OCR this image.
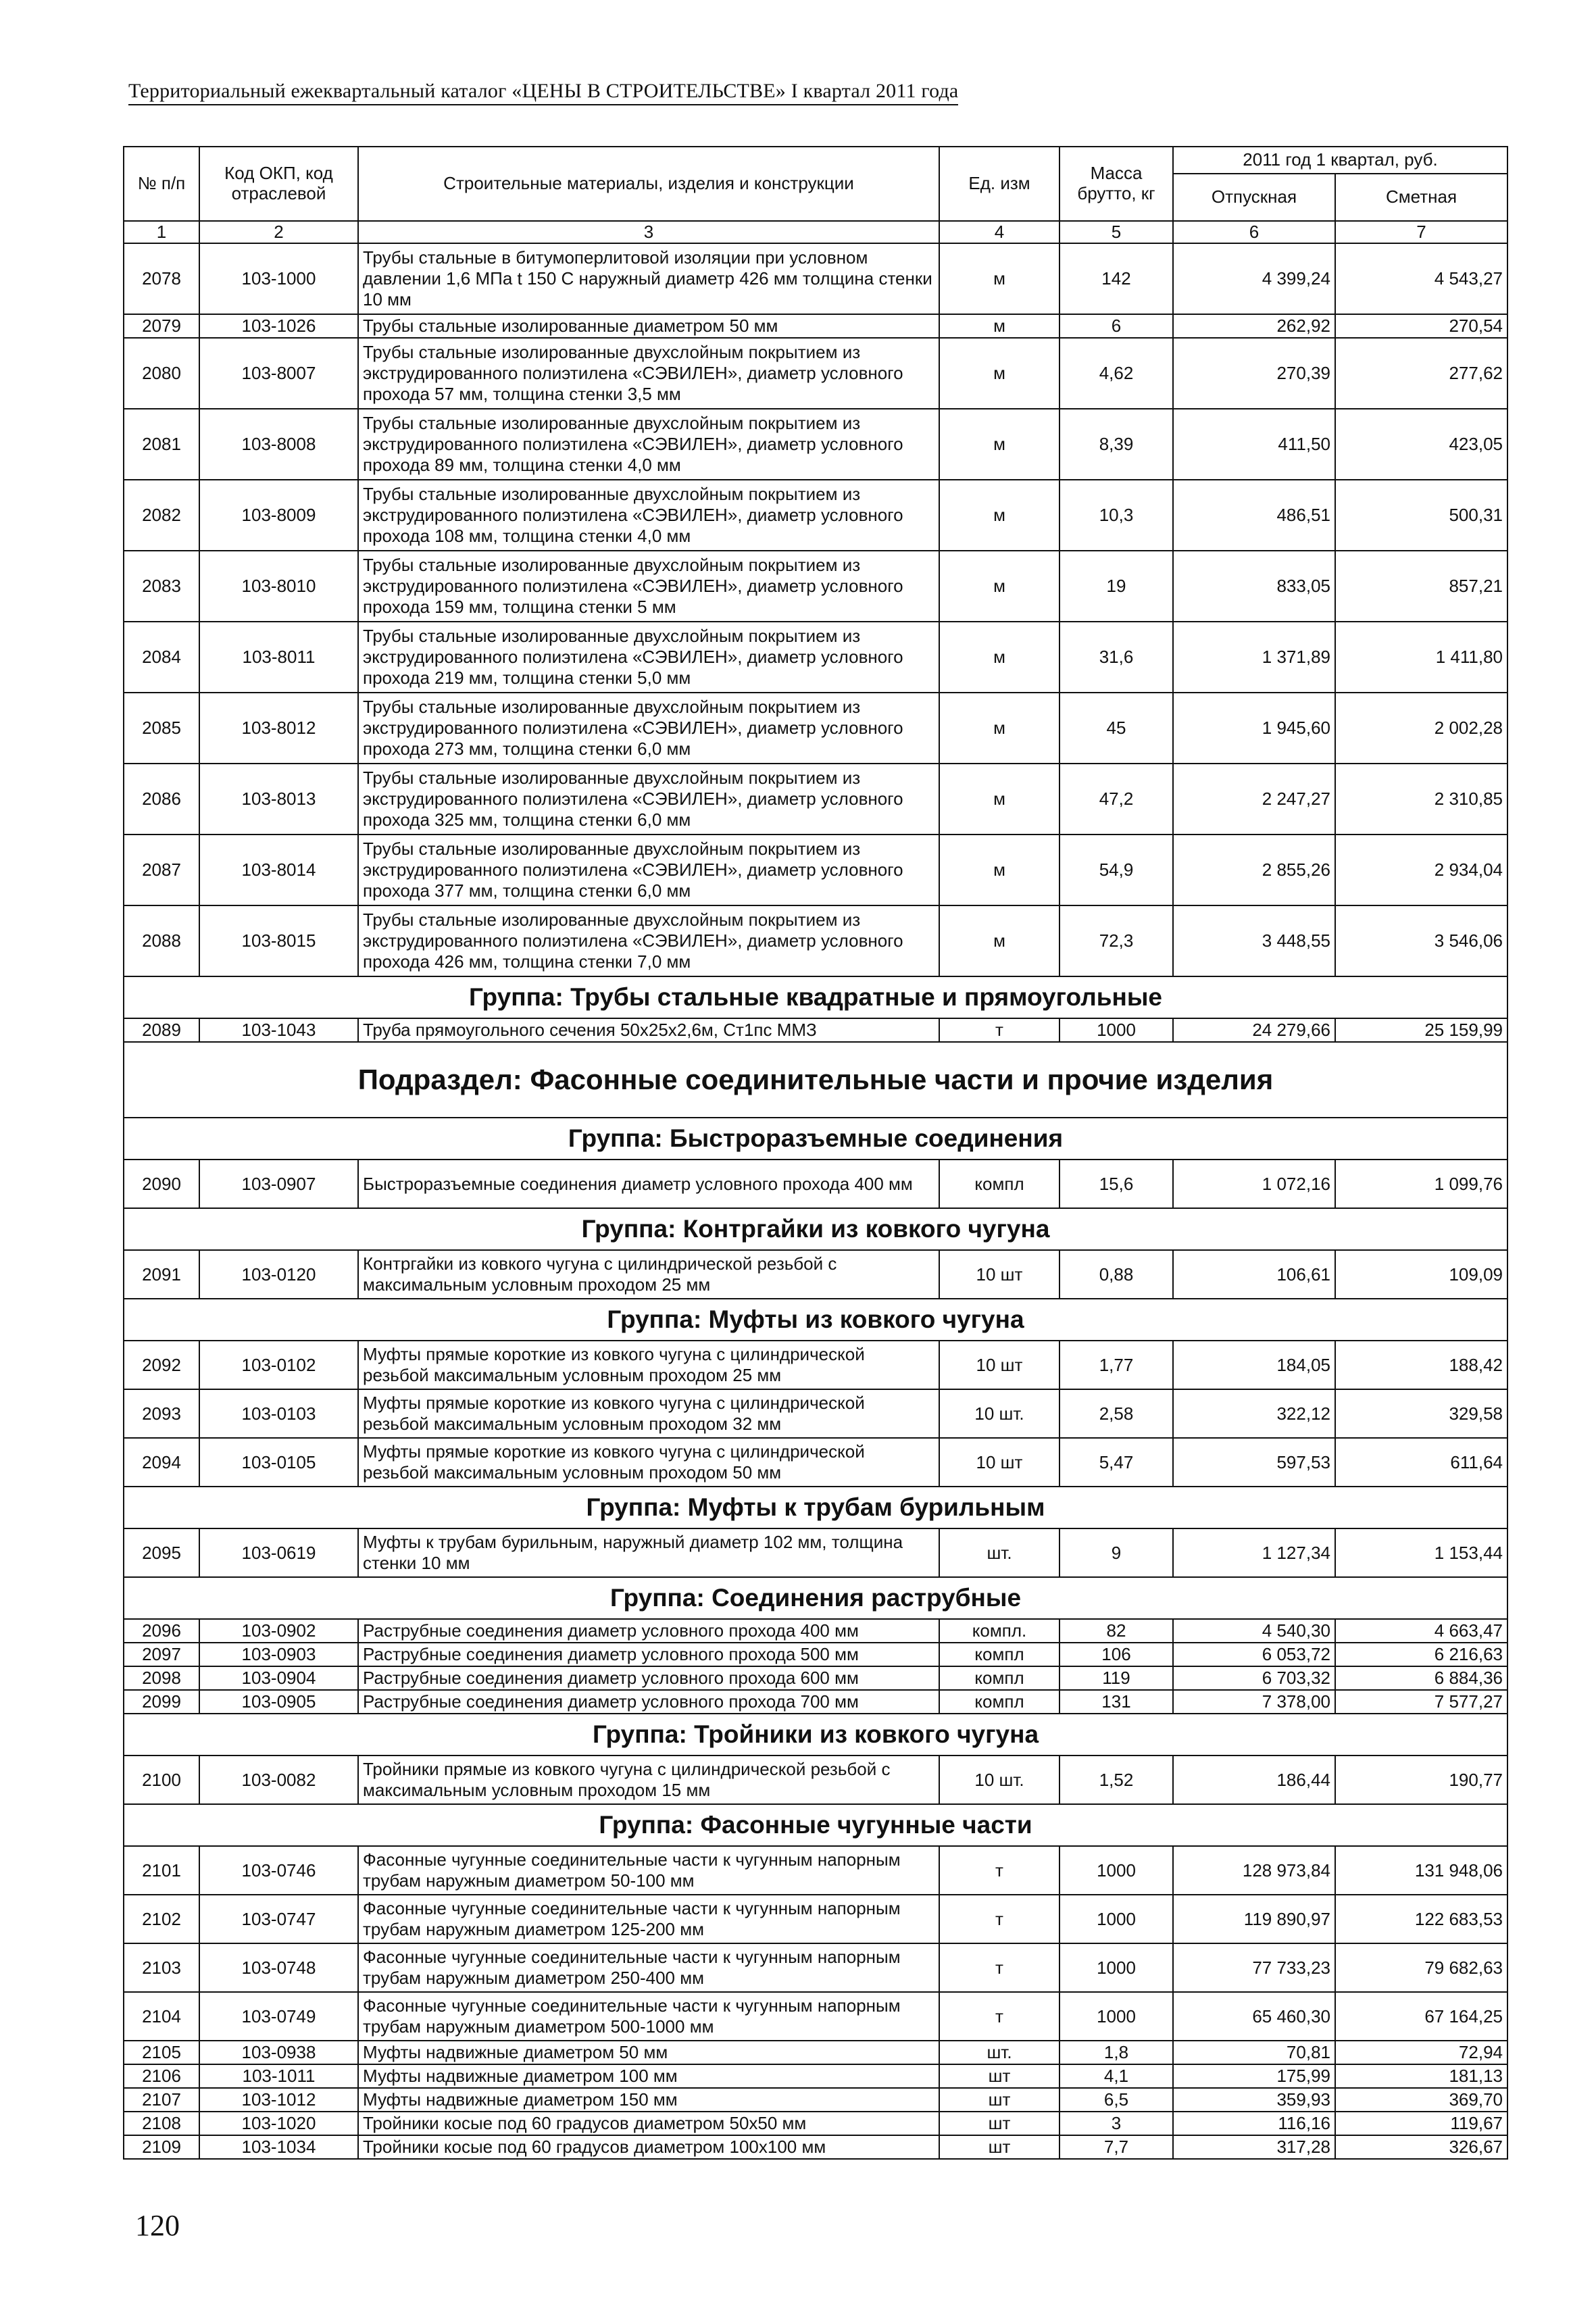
Территориальный ежеквартальный каталог «ЦЕНЫ В СТРОИТЕЛЬСТВЕ» I квартал 2011 года
№ п/п	Код ОКП, код отраслевой	Строительные материалы, изделия и конструкции	Ед. изм	Масса брутто, кг	2011 год 1 квартал, руб.	
					Отпускная	Сметная
1	2	3	4	5	6	7
2078	103-1000	Трубы стальные в битумоперлитовой изоляции при условном давлении 1,6 МПа t 150 С наружный диаметр 426 мм толщина стенки 10 мм	м	142	4 399,24	4 543,27
2079	103-1026	Трубы стальные изолированные диаметром 50 мм	м	6	262,92	270,54
2080	103-8007	Трубы стальные изолированные двухслойным покрытием из экструдированного полиэтилена «СЭВИЛЕН», диаметр условного прохода 57 мм, толщина стенки 3,5 мм	м	4,62	270,39	277,62
2081	103-8008	Трубы стальные изолированные двухслойным покрытием из экструдированного полиэтилена «СЭВИЛЕН», диаметр условного прохода 89 мм, толщина стенки 4,0 мм	м	8,39	411,50	423,05
2082	103-8009	Трубы стальные изолированные двухслойным покрытием из экструдированного полиэтилена «СЭВИЛЕН», диаметр условного прохода 108 мм, толщина стенки 4,0 мм	м	10,3	486,51	500,31
2083	103-8010	Трубы стальные изолированные двухслойным покрытием из экструдированного полиэтилена «СЭВИЛЕН», диаметр условного прохода 159 мм, толщина стенки 5 мм	м	19	833,05	857,21
2084	103-8011	Трубы стальные изолированные двухслойным покрытием из экструдированного полиэтилена «СЭВИЛЕН», диаметр условного прохода 219 мм, толщина стенки 5,0 мм	м	31,6	1 371,89	1 411,80
2085	103-8012	Трубы стальные изолированные двухслойным покрытием из экструдированного полиэтилена «СЭВИЛЕН», диаметр условного прохода 273 мм, толщина стенки 6,0 мм	м	45	1 945,60	2 002,28
2086	103-8013	Трубы стальные изолированные двухслойным покрытием из экструдированного полиэтилена «СЭВИЛЕН», диаметр условного прохода 325 мм, толщина стенки 6,0 мм	м	47,2	2 247,27	2 310,85
2087	103-8014	Трубы стальные изолированные двухслойным покрытием из экструдированного полиэтилена «СЭВИЛЕН», диаметр условного прохода 377 мм, толщина стенки 6,0 мм	м	54,9	2 855,26	2 934,04
2088	103-8015	Трубы стальные изолированные двухслойным покрытием из экструдированного полиэтилена «СЭВИЛЕН», диаметр условного прохода 426 мм, толщина стенки 7,0 мм	м	72,3	3 448,55	3 546,06
Группа: Трубы стальные квадратные и прямоугольные						
2089	103-1043	Труба прямоугольного сечения 50х25х2,6м, Ст1пс ММЗ	т	1000	24 279,66	25 159,99
Подраздел: Фасонные соединительные части и прочие изделия						
Группа: Быстроразъемные соединения						
2090	103-0907	Быстроразъемные соединения диаметр условного прохода 400 мм	компл	15,6	1 072,16	1 099,76
Группа: Контргайки из ковкого чугуна						
2091	103-0120	Контргайки из ковкого чугуна с цилиндрической резьбой с максимальным условным проходом 25 мм	10 шт	0,88	106,61	109,09
Группа: Муфты из ковкого чугуна						
2092	103-0102	Муфты прямые короткие из ковкого чугуна с цилиндрической резьбой максимальным условным проходом 25 мм	10 шт	1,77	184,05	188,42
2093	103-0103	Муфты прямые короткие из ковкого чугуна с цилиндрической резьбой максимальным условным проходом 32 мм	10 шт.	2,58	322,12	329,58
2094	103-0105	Муфты прямые короткие из ковкого чугуна с цилиндрической резьбой максимальным условным проходом 50 мм	10 шт	5,47	597,53	611,64
Группа: Муфты к трубам бурильным						
2095	103-0619	Муфты к трубам бурильным, наружный диаметр 102 мм, толщина стенки 10 мм	шт.	9	1 127,34	1 153,44
Группа: Соединения раструбные						
2096	103-0902	Раструбные соединения диаметр условного прохода 400 мм	компл.	82	4 540,30	4 663,47
2097	103-0903	Раструбные соединения диаметр условного прохода 500 мм	компл	106	6 053,72	6 216,63
2098	103-0904	Раструбные соединения диаметр условного прохода 600 мм	компл	119	6 703,32	6 884,36
2099	103-0905	Раструбные соединения диаметр условного прохода 700 мм	компл	131	7 378,00	7 577,27
Группа: Тройники из ковкого чугуна						
2100	103-0082	Тройники прямые из ковкого чугуна с цилиндрической резьбой с максимальным условным проходом 15 мм	10 шт.	1,52	186,44	190,77
Группа: Фасонные чугунные части						
2101	103-0746	Фасонные чугунные соединительные части к чугунным напорным трубам наружным диаметром 50-100 мм	т	1000	128 973,84	131 948,06
2102	103-0747	Фасонные чугунные соединительные части к чугунным напорным трубам наружным диаметром 125-200 мм	т	1000	119 890,97	122 683,53
2103	103-0748	Фасонные чугунные соединительные части к чугунным напорным трубам наружным диаметром 250-400 мм	т	1000	77 733,23	79 682,63
2104	103-0749	Фасонные чугунные соединительные части к чугунным напорным трубам наружным диаметром 500-1000 мм	т	1000	65 460,30	67 164,25
2105	103-0938	Муфты надвижные диаметром 50 мм	шт.	1,8	70,81	72,94
2106	103-1011	Муфты надвижные диаметром 100 мм	шт	4,1	175,99	181,13
2107	103-1012	Муфты надвижные диаметром 150 мм	шт	6,5	359,93	369,70
2108	103-1020	Тройники косые под 60 градусов диаметром 50х50 мм	шт	3	116,16	119,67
2109	103-1034	Тройники косые под 60 градусов диаметром 100х100 мм	шт	7,7	317,28	326,67
120
